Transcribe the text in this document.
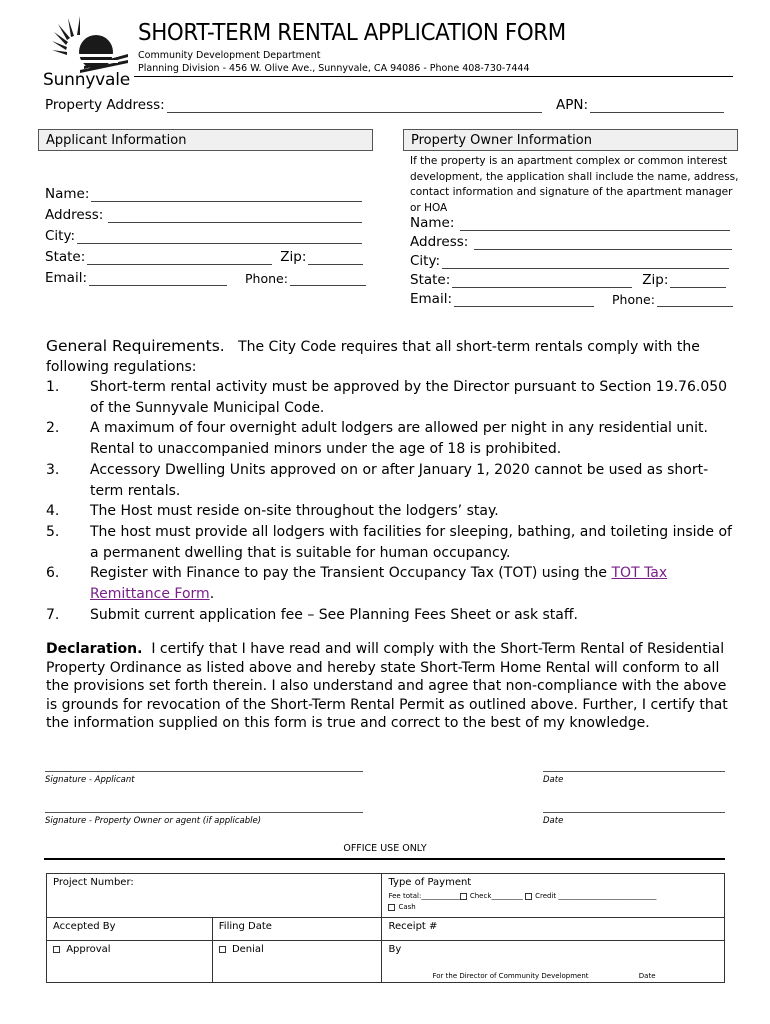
Sunnyvale
SHORT-TERM RENTAL APPLICATION FORM
Community Development Department
Planning Division - 456 W. Olive Ave., Sunnyvale, CA 94086 - Phone 408-730-7444
Property Address:	APN:
Applicant Information
Name:
Address:
City:
State:	Zip:
Email:	Phone:
Property Owner Information
If the property is an apartment complex or common interest development, the application shall include the name, address, contact information and signature of the apartment manager or HOA
Name:
Address:
City:
State:	Zip:
Email:	Phone:
General Requirements. The City Code requires that all short-term rentals comply with the following regulations:
1.	Short-term rental activity must be approved by the Director pursuant to Section 19.76.050 of the Sunnyvale Municipal Code.
2.	A maximum of four overnight adult lodgers are allowed per night in any residential unit. Rental to unaccompanied minors under the age of 18 is prohibited.
3.	Accessory Dwelling Units approved on or after January 1, 2020 cannot be used as short-term rentals.
4.	The Host must reside on-site throughout the lodgers’ stay.
5.	The host must provide all lodgers with facilities for sleeping, bathing, and toileting inside of a permanent dwelling that is suitable for human occupancy.
6.	Register with Finance to pay the Transient Occupancy Tax (TOT) using the TOT Tax Remittance Form.
7.	Submit current application fee – See Planning Fees Sheet or ask staff.
Declaration. I certify that I have read and will comply with the Short-Term Rental of Residential Property Ordinance as listed above and hereby state Short-Term Home Rental will conform to all the provisions set forth therein. I also understand and agree that non-compliance with the above is grounds for revocation of the Short-Term Rental Permit as outlined above. Further, I certify that the information supplied on this form is true and correct to the best of my knowledge.
Signature - Applicant	Date
Signature - Property Owner or agent (if applicable)	Date
OFFICE USE ONLY
Project Number:		Type of Payment
Fee total:___________ Check_________ Credit ____________________________
Cash

Accepted By	Filing Date	Receipt #
Approval	Denial	By
For the Director of Community Development Date
